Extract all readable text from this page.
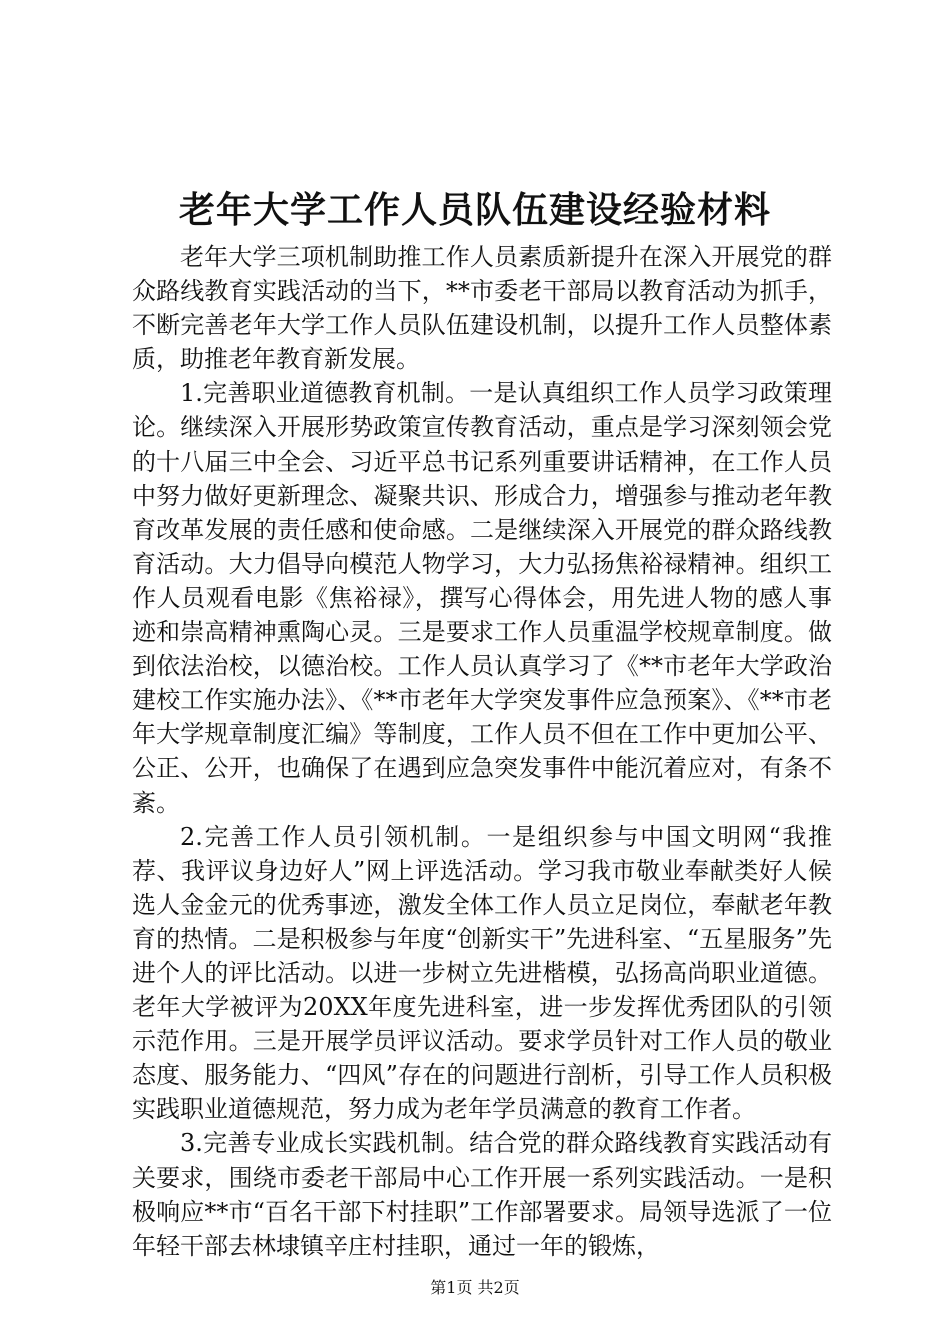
老年大学工作人员队伍建设经验材料

老年大学三项机制助推工作人员素质新提升在深入开展党的群众路线教育实践活动的当下，**市委老干部局以教育活动为抓手，不断完善老年大学工作人员队伍建设机制，以提升工作人员整体素质，助推老年教育新发展。

1.完善职业道德教育机制。一是认真组织工作人员学习政策理论。继续深入开展形势政策宣传教育活动，重点是学习深刻领会党的十八届三中全会、习近平总书记系列重要讲话精神，在工作人员中努力做好更新理念、凝聚共识、形成合力，增强参与推动老年教育改革发展的责任感和使命感。二是继续深入开展党的群众路线教育活动。大力倡导向模范人物学习，大力弘扬焦裕禄精神。组织工作人员观看电影《焦裕禄》，撰写心得体会，用先进人物的感人事迹和崇高精神熏陶心灵。三是要求工作人员重温学校规章制度。做到依法治校，以德治校。工作人员认真学习了《**市老年大学政治建校工作实施办法》、《**市老年大学突发事件应急预案》、《**市老年大学规章制度汇编》等制度，工作人员不但在工作中更加公平、公正、公开，也确保了在遇到应急突发事件中能沉着应对，有条不紊。

2.完善工作人员引领机制。一是组织参与中国文明网“我推荐、我评议身边好人”网上评选活动。学习我市敬业奉献类好人候选人金金元的优秀事迹，激发全体工作人员立足岗位，奉献老年教育的热情。二是积极参与年度“创新实干”先进科室、“五星服务”先进个人的评比活动。以进一步树立先进楷模，弘扬高尚职业道德。老年大学被评为20XX年度先进科室，进一步发挥优秀团队的引领示范作用。三是开展学员评议活动。要求学员针对工作人员的敬业态度、服务能力、“四风”存在的问题进行剖析，引导工作人员积极实践职业道德规范，努力成为老年学员满意的教育工作者。

3.完善专业成长实践机制。结合党的群众路线教育实践活动有关要求，围绕市委老干部局中心工作开展一系列实践活动。一是积极响应**市“百名干部下村挂职”工作部署要求。局领导选派了一位年轻干部去林埭镇辛庄村挂职，通过一年的锻炼，

第1页 共2页
